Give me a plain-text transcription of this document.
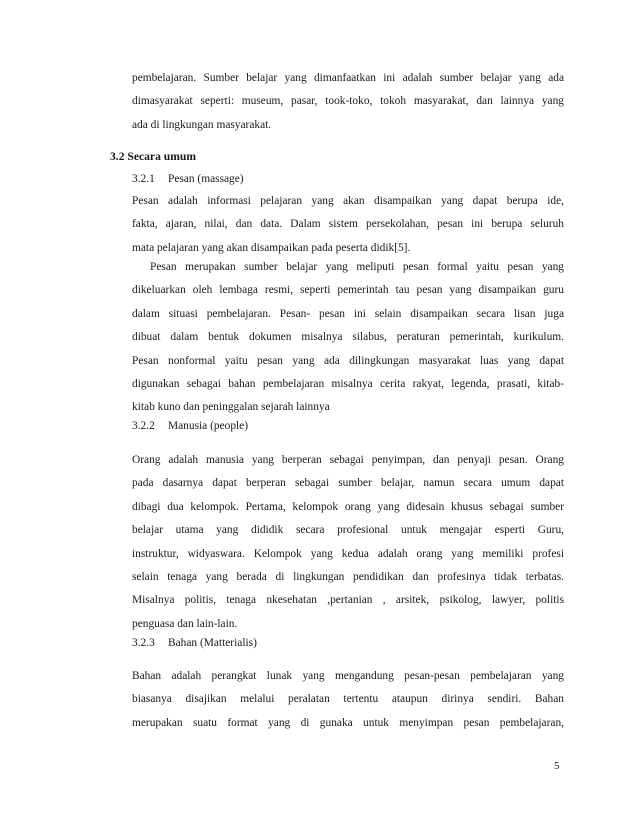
pembelajaran. Sumber belajar yang dimanfaatkan ini adalah sumber belajar yang ada
dimasyarakat seperti: museum, pasar, took-toko, tokoh masyarakat, dan lainnya yang
ada di lingkungan masyarakat.
3.2 Secara umum
3.2.1 Pesan (massage)
Pesan adalah informasi pelajaran yang akan disampaikan yang dapat berupa ide,
fakta, ajaran, nilai, dan data. Dalam sistem persekolahan, pesan ini berupa seluruh
mata pelajaran yang akan disampaikan pada peserta didik[5].
Pesan merupakan sumber belajar yang meliputi pesan formal yaitu pesan yang
dikeluarkan oleh lembaga resmi, seperti pemerintah tau pesan yang disampaikan guru
dalam situasi pembelajaran. Pesan- pesan ini selain disampaikan secara lisan juga
dibuat dalam bentuk dokumen misalnya silabus, peraturan pemerintah, kurikulum.
Pesan nonformal yaitu pesan yang ada dilingkungan masyarakat luas yang dapat
digunakan sebagai bahan pembelajaran misalnya cerita rakyat, legenda, prasati, kitab-
kitab kuno dan peninggalan sejarah lainnya
3.2.2 Manusia (people)
Orang adalah manusia yang berperan sebagai penyimpan, dan penyaji pesan. Orang
pada dasarnya dapat berperan sebagai sumber belajar, namun secara umum dapat
dibagi dua kelompok. Pertama, kelompok orang yang didesain khusus sebagai sumber
belajar utama yang dididik secara profesional untuk mengajar esperti Guru,
instruktur, widyaswara. Kelompok yang kedua adalah orang yang memiliki profesi
selain tenaga yang berada di lingkungan pendidikan dan profesinya tidak terbatas.
Misalnya politis, tenaga nkesehatan ,pertanian , arsitek, psikolog, lawyer, politis
penguasa dan lain-lain.
3.2.3 Bahan (Matterialis)
Bahan adalah perangkat lunak yang mengandung pesan-pesan pembelajaran yang
biasanya disajikan melalui peralatan tertentu ataupun dirinya sendiri. Bahan
merupakan suatu format yang di gunaka untuk menyimpan pesan pembelajaran,
5
